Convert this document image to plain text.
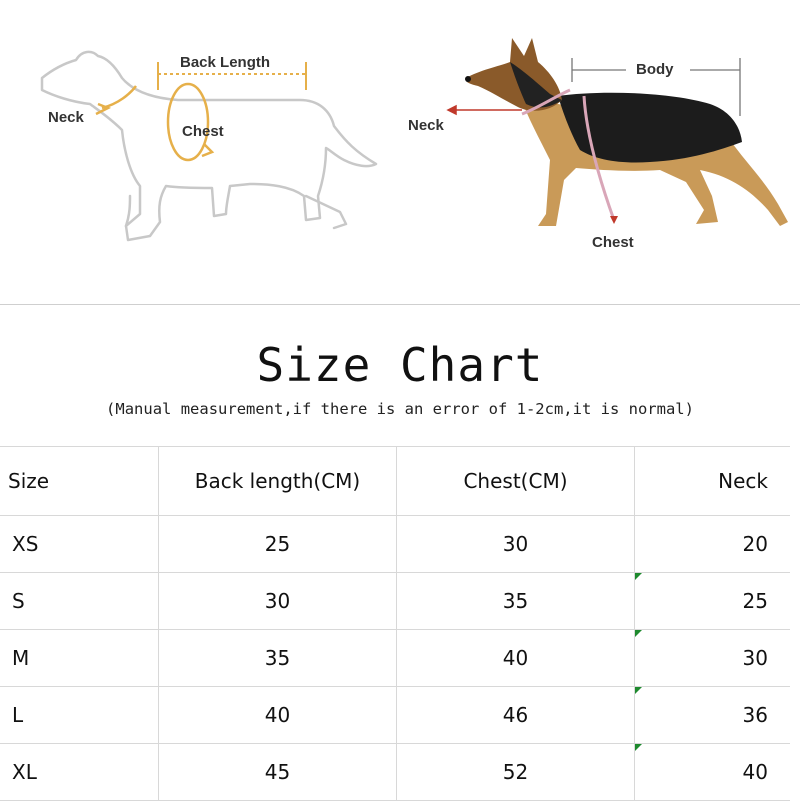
Back Length
Neck
Chest
Body
Neck
Chest
Size Chart
(Manual measurement,if there is an error of 1-2cm,it is normal)
Size	Back length(CM)	Chest(CM)	Neck
XS	25	30	20
S	30	35	25
M	35	40	30
L	40	46	36
XL	45	52	40
